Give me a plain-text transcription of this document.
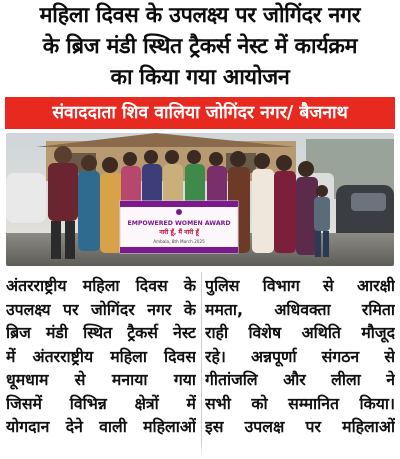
महिला दिवस के उपलक्ष्य पर जोगिंदर नगर
के ब्रिज मंडी स्थित ट्रैकर्स नेस्ट में कार्यक्रम
का किया गया आयोजन
संवाददाता शिव वालिया जोगिंदर नगर/ बैजनाथ
EMPOWERED WOMEN AWARD
नारी हूँ, मैं नारी हूँ
Ambala, 8th March 2025
अंतरराष्ट्रीय महिला दिवस के
उपलक्ष्य पर जोगिंदर नगर के
ब्रिज मंडी स्थित ट्रैकर्स नेस्ट
में अंतरराष्ट्रीय महिला दिवस
धूमधाम से मनाया गया
जिसमें विभिन्न क्षेत्रों में
योगदान देने वाली महिलाओं
पुलिस विभाग से आरक्षी
ममता, अधिवक्ता रमिता
राही विशेष अथिति मौजूद
रहे। अन्नपूर्णा संगठन से
गीतांजलि और लीला ने
सभी को सम्मानित किया।
इस उपलक्ष पर महिलाओं
